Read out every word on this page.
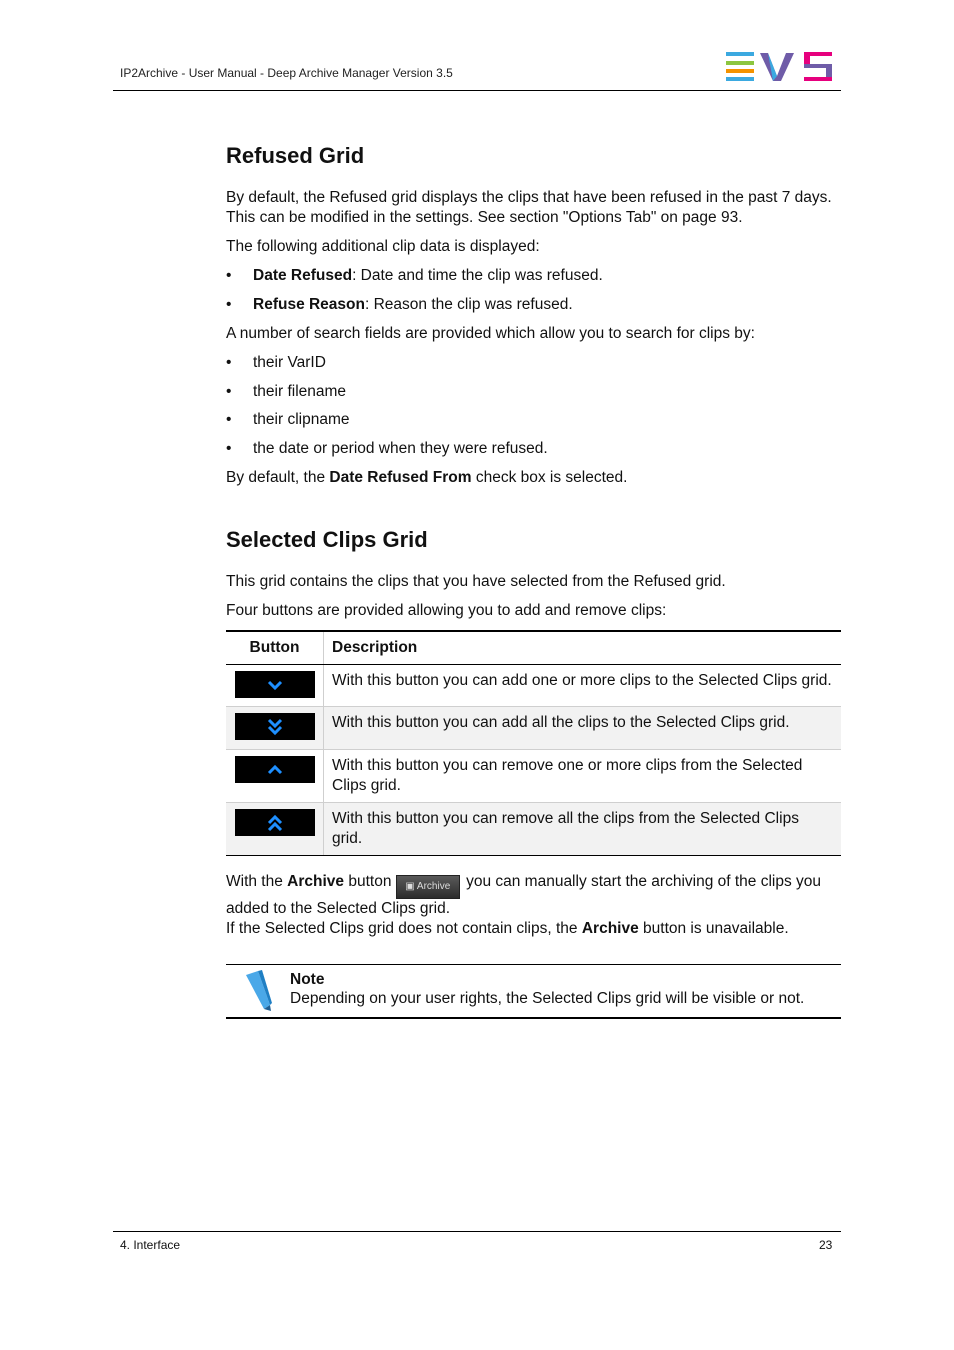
IP2Archive - User Manual - Deep Archive Manager Version 3.5
Refused Grid
By default, the Refused grid displays the clips that have been refused in the past 7 days. This can be modified in the settings. See section "Options Tab" on page 93.
The following additional clip data is displayed:
• Date Refused: Date and time the clip was refused.
• Refuse Reason: Reason the clip was refused.
A number of search fields are provided which allow you to search for clips by:
• their VarID
• their filename
• their clipname
• the date or period when they were refused.
By default, the Date Refused From check box is selected.
Selected Clips Grid
This grid contains the clips that you have selected from the Refused grid.
Four buttons are provided allowing you to add and remove clips:
Button	Description
With this button you can add one or more clips to the Selected Clips grid.
With this button you can add all the clips to the Selected Clips grid.
With this button you can remove one or more clips from the Selected Clips grid.
With this button you can remove all the clips from the Selected Clips grid.
With the Archive button ▣ Archive you can manually start the archiving of the clips you added to the Selected Clips grid.
If the Selected Clips grid does not contain clips, the Archive button is unavailable.
Note
Depending on your user rights, the Selected Clips grid will be visible or not.
4. Interface	23
